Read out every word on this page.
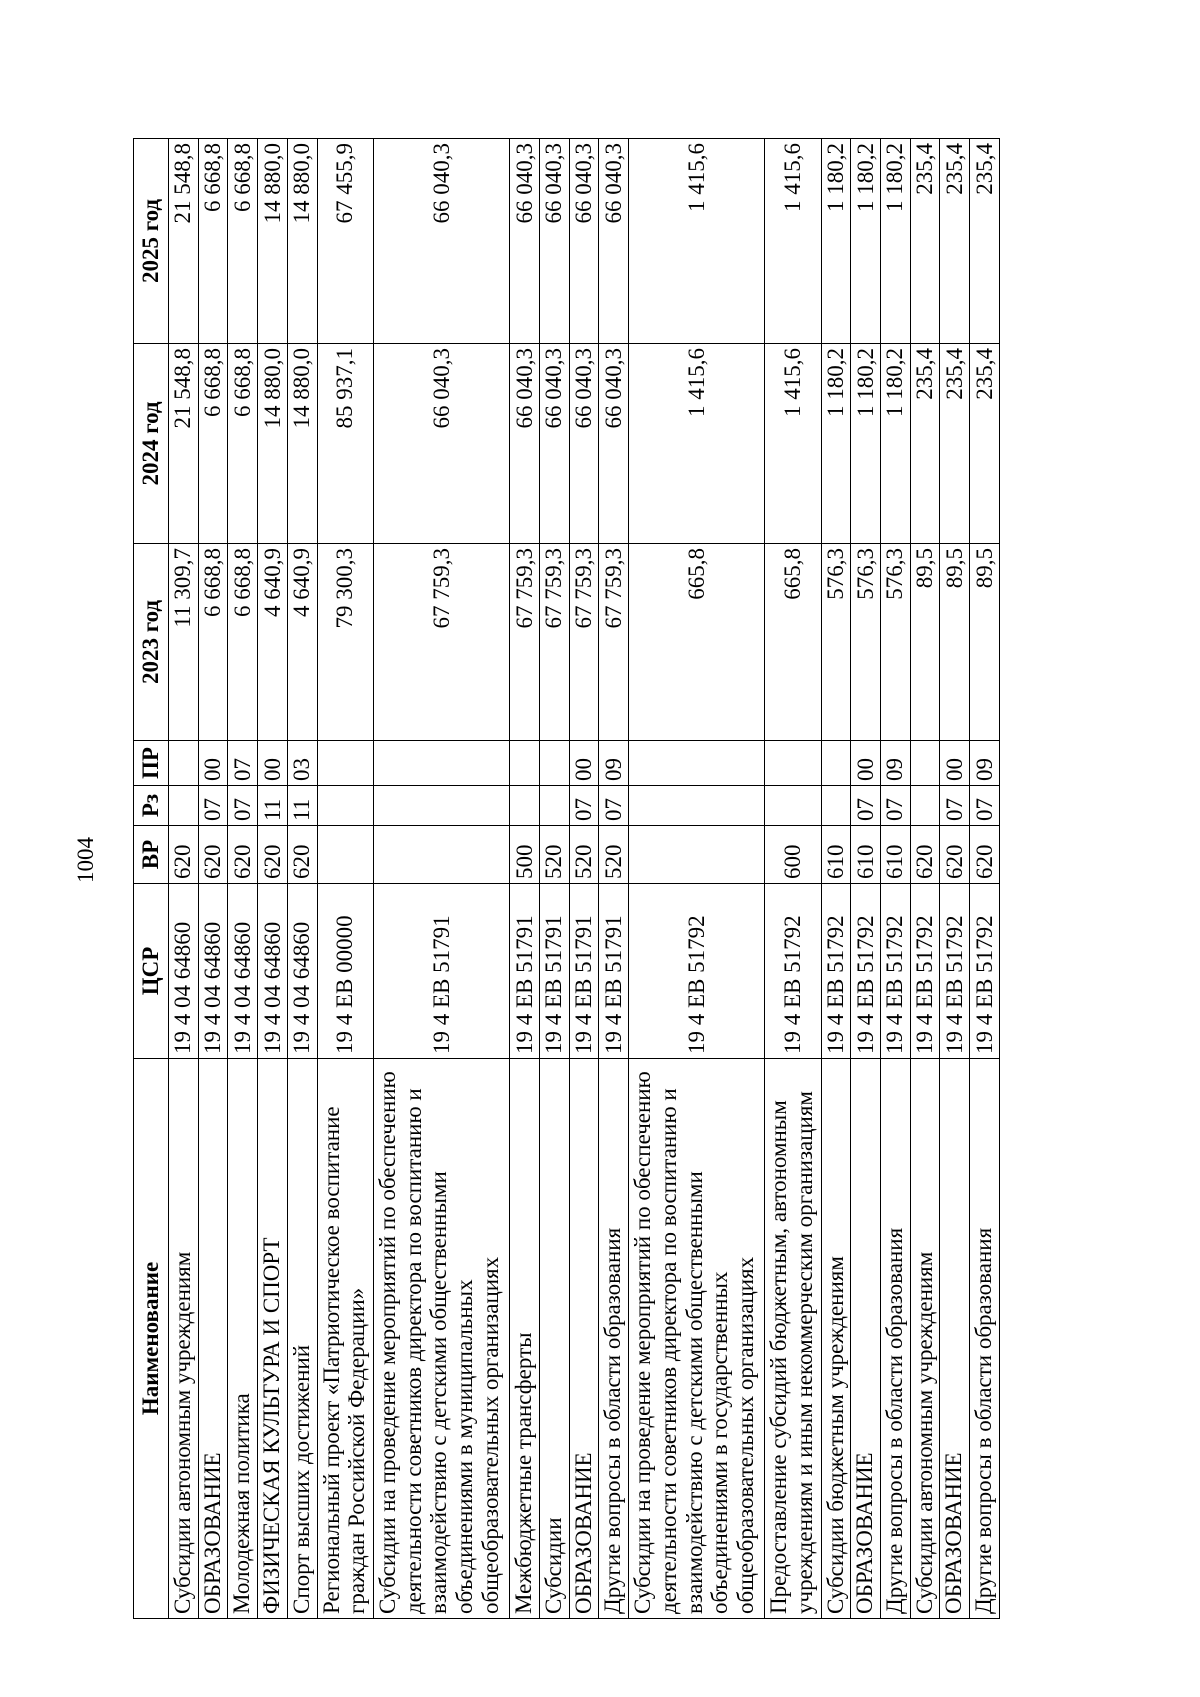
1004
Наименование	ЦСР	ВР	Рз	ПР	2023 год	2024 год	2025 год
Субсидии автономным учреждениям	19 4 04 64860	620			11 309,7	21 548,8	21 548,8
ОБРАЗОВАНИЕ	19 4 04 64860	620	07	00	6 668,8	6 668,8	6 668,8
Молодежная политика	19 4 04 64860	620	07	07	6 668,8	6 668,8	6 668,8
ФИЗИЧЕСКАЯ КУЛЬТУРА И СПОРТ	19 4 04 64860	620	11	00	4 640,9	14 880,0	14 880,0
Спорт высших достижений	19 4 04 64860	620	11	03	4 640,9	14 880,0	14 880,0
Региональный проект «Патриотическое воспитание граждан Российской Федерации»	19 4 ЕВ 00000				79 300,3	85 937,1	67 455,9
Субсидии на проведение мероприятий по обеспечению деятельности советников директора по воспитанию и взаимодействию с детскими общественными объединениями в муниципальных общеобразовательных организациях	19 4 ЕВ 51791				67 759,3	66 040,3	66 040,3
Межбюджетные трансферты	19 4 ЕВ 51791	500			67 759,3	66 040,3	66 040,3
Субсидии	19 4 ЕВ 51791	520			67 759,3	66 040,3	66 040,3
ОБРАЗОВАНИЕ	19 4 ЕВ 51791	520	07	00	67 759,3	66 040,3	66 040,3
Другие вопросы в области образования	19 4 ЕВ 51791	520	07	09	67 759,3	66 040,3	66 040,3
Субсидии на проведение мероприятий по обеспечению деятельности советников директора по воспитанию и взаимодействию с детскими общественными объединениями в государственных общеобразовательных организациях	19 4 ЕВ 51792				665,8	1 415,6	1 415,6
Предоставление субсидий бюджетным, автономным учреждениям и иным некоммерческим организациям	19 4 ЕВ 51792	600			665,8	1 415,6	1 415,6
Субсидии бюджетным учреждениям	19 4 ЕВ 51792	610			576,3	1 180,2	1 180,2
ОБРАЗОВАНИЕ	19 4 ЕВ 51792	610	07	00	576,3	1 180,2	1 180,2
Другие вопросы в области образования	19 4 ЕВ 51792	610	07	09	576,3	1 180,2	1 180,2
Субсидии автономным учреждениям	19 4 ЕВ 51792	620			89,5	235,4	235,4
ОБРАЗОВАНИЕ	19 4 ЕВ 51792	620	07	00	89,5	235,4	235,4
Другие вопросы в области образования	19 4 ЕВ 51792	620	07	09	89,5	235,4	235,4
